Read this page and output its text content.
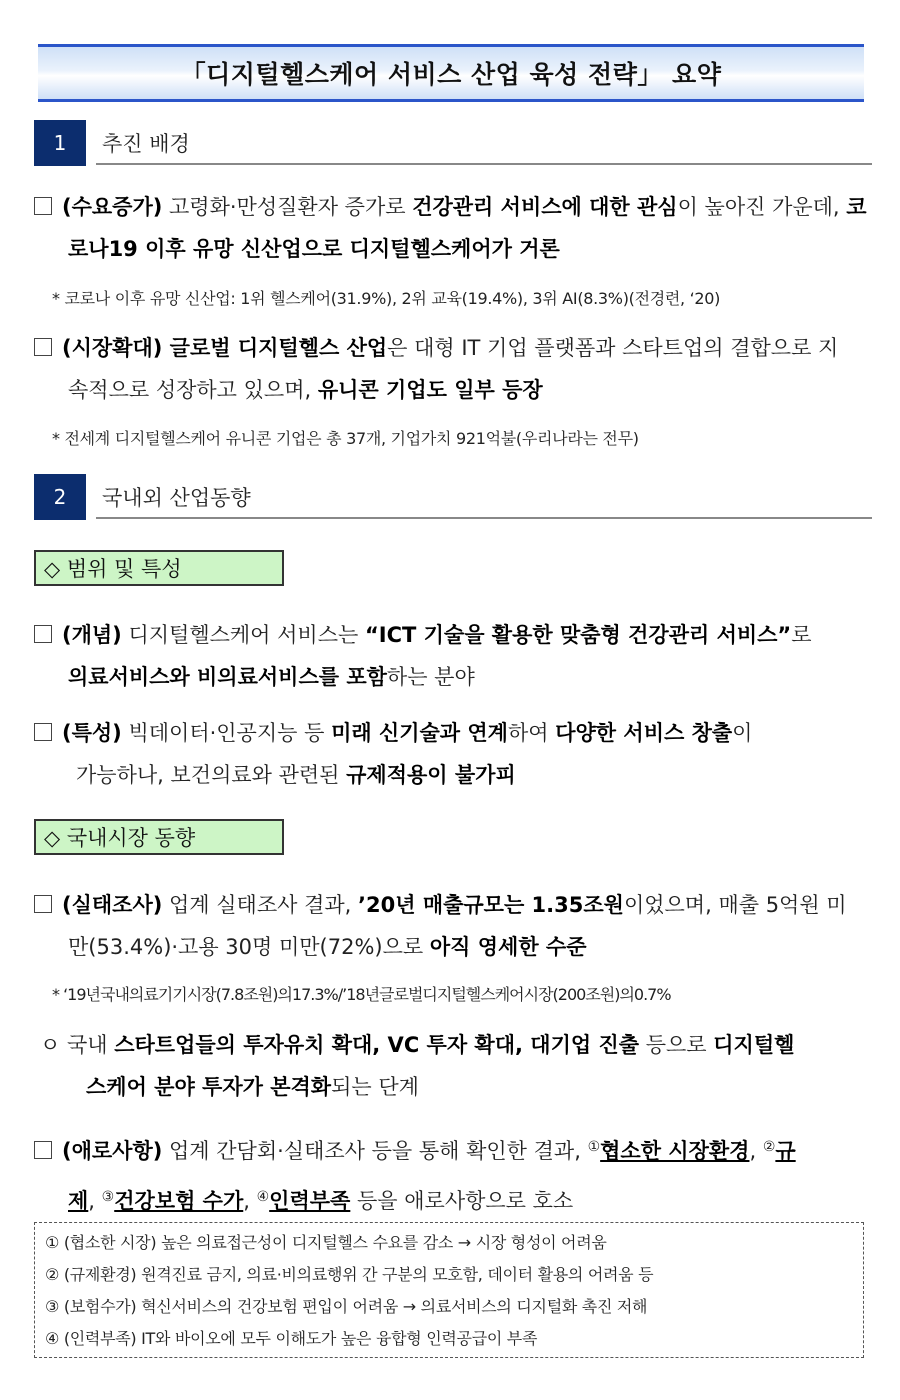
「디지털헬스케어 서비스 산업 육성 전략」 요약
1	추진 배경
(수요증가) 고령화·만성질환자 증가로 건강관리 서비스에 대한 관심이 높아진 가운데, 코
로나19 이후 유망 신산업으로 디지털헬스케어가 거론
* 코로나 이후 유망 신산업: 1위 헬스케어(31.9%), 2위 교육(19.4%), 3위 AI(8.3%)(전경련, ‘20)
(시장확대) 글로벌 디지털헬스 산업은 대형 IT 기업 플랫폼과 스타트업의 결합으로 지
속적으로 성장하고 있으며, 유니콘 기업도 일부 등장
* 전세계 디지털헬스케어 유니콘 기업은 총 37개, 기업가치 921억불(우리나라는 전무)
2	국내외 산업동향
◇ 범위 및 특성
(개념) 디지털헬스케어 서비스는 “ICT 기술을 활용한 맞춤형 건강관리 서비스”로
의료서비스와 비의료서비스를 포함하는 분야
(특성) 빅데이터·인공지능 등 미래 신기술과 연계하여 다양한 서비스 창출이
가능하나, 보건의료와 관련된 규제적용이 불가피
◇ 국내시장 동향
(실태조사) 업계 실태조사 결과, ’20년 매출규모는 1.35조원이었으며, 매출 5억원 미
만(53.4%)·고용 30명 미만(72%)으로 아직 영세한 수준
* ‘19년국내의료기기시장(7.8조원)의17.3%/’18년글로벌디지털헬스케어시장(200조원)의0.7%
ㅇ 국내 스타트업들의 투자유치 확대, VC 투자 확대, 대기업 진출 등으로 디지털헬
스케어 분야 투자가 본격화되는 단계
(애로사항) 업계 간담회·실태조사 등을 통해 확인한 결과, ①협소한 시장환경, ②규
제, ③건강보험 수가, ④인력부족 등을 애로사항으로 호소
① (협소한 시장) 높은 의료접근성이 디지털헬스 수요를 감소 → 시장 형성이 어려움
② (규제환경) 원격진료 금지, 의료·비의료행위 간 구분의 모호함, 데이터 활용의 어려움 등
③ (보험수가) 혁신서비스의 건강보험 편입이 어려움 → 의료서비스의 디지털화 촉진 저해
④ (인력부족) IT와 바이오에 모두 이해도가 높은 융합형 인력공급이 부족
